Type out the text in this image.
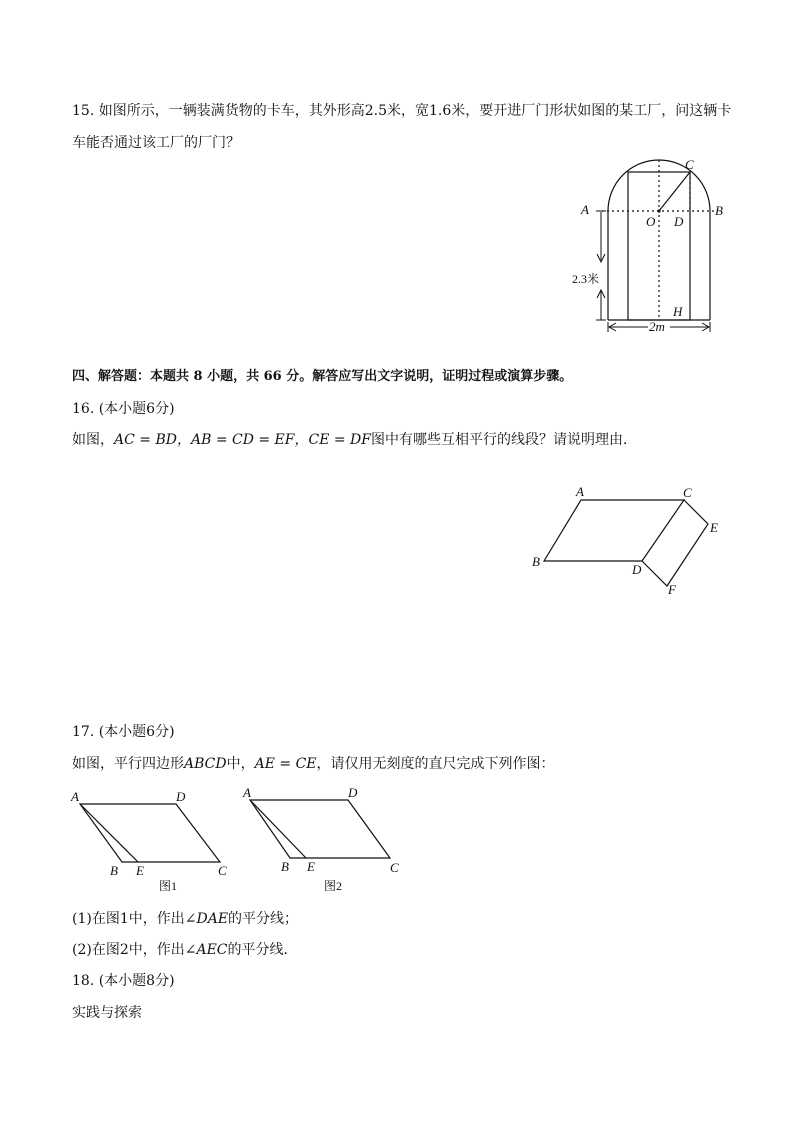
15. 如图所示，一辆装满货物的卡车，其外形高2.5米，宽1.6米，要开进厂门形状如图的某工厂，问这辆卡

车能否通过该工厂的厂门？

A	B
C
O D
H
2.3米
2m

四、解答题：本题共 8 小题，共 66 分。解答应写出文字说明，证明过程或演算步骤。

16. (本小题6分)

如图，AC = BD，AB = CD = EF，CE = DF图中有哪些互相平行的线段？请说明理由．

A	C
E
B
D
F

17. (本小题6分)

如图，平行四边形ABCD中，AE = CE，请仅用无刻度的直尺完成下列作图：

A	D
B E	C
图1
A	D
B E	C
图2

(1)在图1中，作出∠DAE的平分线；

(2)在图2中，作出∠AEC的平分线．

18. (本小题8分)

实践与探索
